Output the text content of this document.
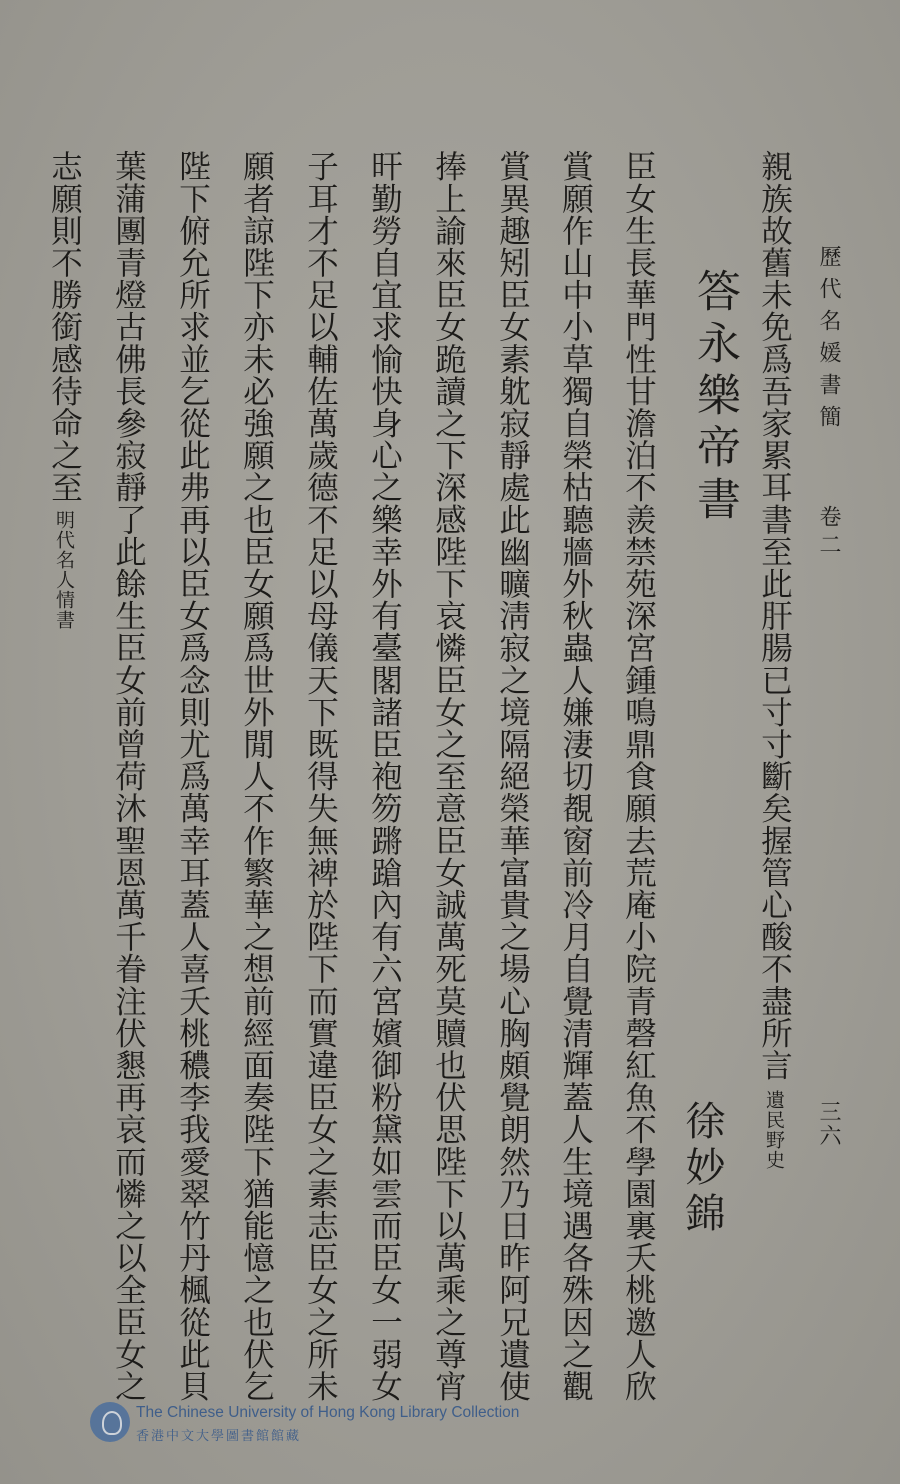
歷代名媛書簡
卷二
三六
親族故舊未免爲吾家累耳書至此肝腸已寸寸斷矣握管心酸不盡所言
遺民野史
答永樂帝書
徐妙錦
臣女生長華門性甘澹泊不羨禁苑深宮鍾鳴鼎食願去荒庵小院青磬紅魚不學園裏夭桃邀人欣
賞願作山中小草獨自榮枯聽牆外秋蟲人嫌淒切覩窗前冷月自覺清輝蓋人生境遇各殊因之觀
賞異趣矧臣女素躭寂靜處此幽曠淸寂之境隔絕榮華富貴之場心胸頗覺朗然乃日昨阿兄遺使
捧上諭來臣女跪讀之下深感陛下哀憐臣女之至意臣女誠萬死莫贖也伏思陛下以萬乘之尊宵
旰勤勞自宜求愉快身心之樂幸外有臺閣諸臣袍笏蹡蹌內有六宮嬪御粉黛如雲而臣女一弱女
子耳才不足以輔佐萬歲德不足以母儀天下既得失無裨於陛下而實違臣女之素志臣女之所未
願者諒陛下亦未必強願之也臣女願爲世外閒人不作繁華之想前經面奏陛下猶能憶之也伏乞
陛下俯允所求並乞從此弗再以臣女爲念則尤爲萬幸耳蓋人喜夭桃穠李我愛翠竹丹楓從此貝
葉蒲團青燈古佛長參寂靜了此餘生臣女前曾荷沐聖恩萬千眷注伏懇再哀而憐之以全臣女之
志願則不勝銜感待命之至
明代名人情書
The Chinese University of Hong Kong Library Collection
香港中文大學圖書館館藏
